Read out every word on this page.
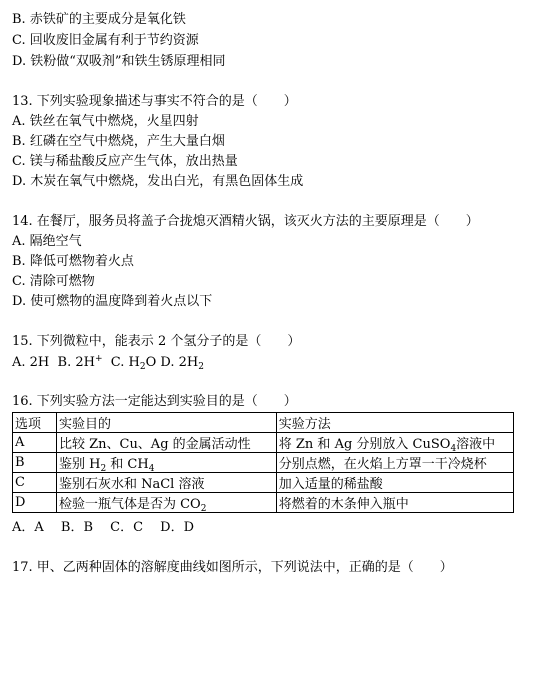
B. 赤铁矿的主要成分是氧化铁
C. 回收废旧金属有利于节约资源
D. 铁粉做“双吸剂”和铁生锈原理相同
13. 下列实验现象描述与事实不符合的是（　　）
A. 铁丝在氧气中燃烧，火星四射
B. 红磷在空气中燃烧，产生大量白烟
C. 镁与稀盐酸反应产生气体，放出热量
D. 木炭在氧气中燃烧，发出白光，有黑色固体生成
14. 在餐厅，服务员将盖子合拢熄灭酒精火锅，该灭火方法的主要原理是（　　）
A. 隔绝空气
B. 降低可燃物着火点
C. 清除可燃物
D. 使可燃物的温度降到着火点以下
15. 下列微粒中，能表示 2 个氢分子的是（　　）
A. 2H B. 2H+ C. $H_2O$ D. $2H_2$
16. 下列实验方法一定能达到实验目的是（　　）
选项	实验目的	实验方法
A	比较 Zn、Cu、Ag 的金属活动性	将 Zn 和 Ag 分别放入 CuSO$_4$溶液中
B	鉴别 $H_2$ 和 $CH_4$	分别点燃，在火焰上方罩一干冷烧杯
C	鉴别石灰水和 NaCl 溶液	加入适量的稀盐酸
D	检验一瓶气体是否为 $CO_2$	将燃着的木条伸入瓶中
A．A　 B．B　 C．C　 D．D
17. 甲、乙两种固体的溶解度曲线如图所示，下列说法中，正确的是（　　）
